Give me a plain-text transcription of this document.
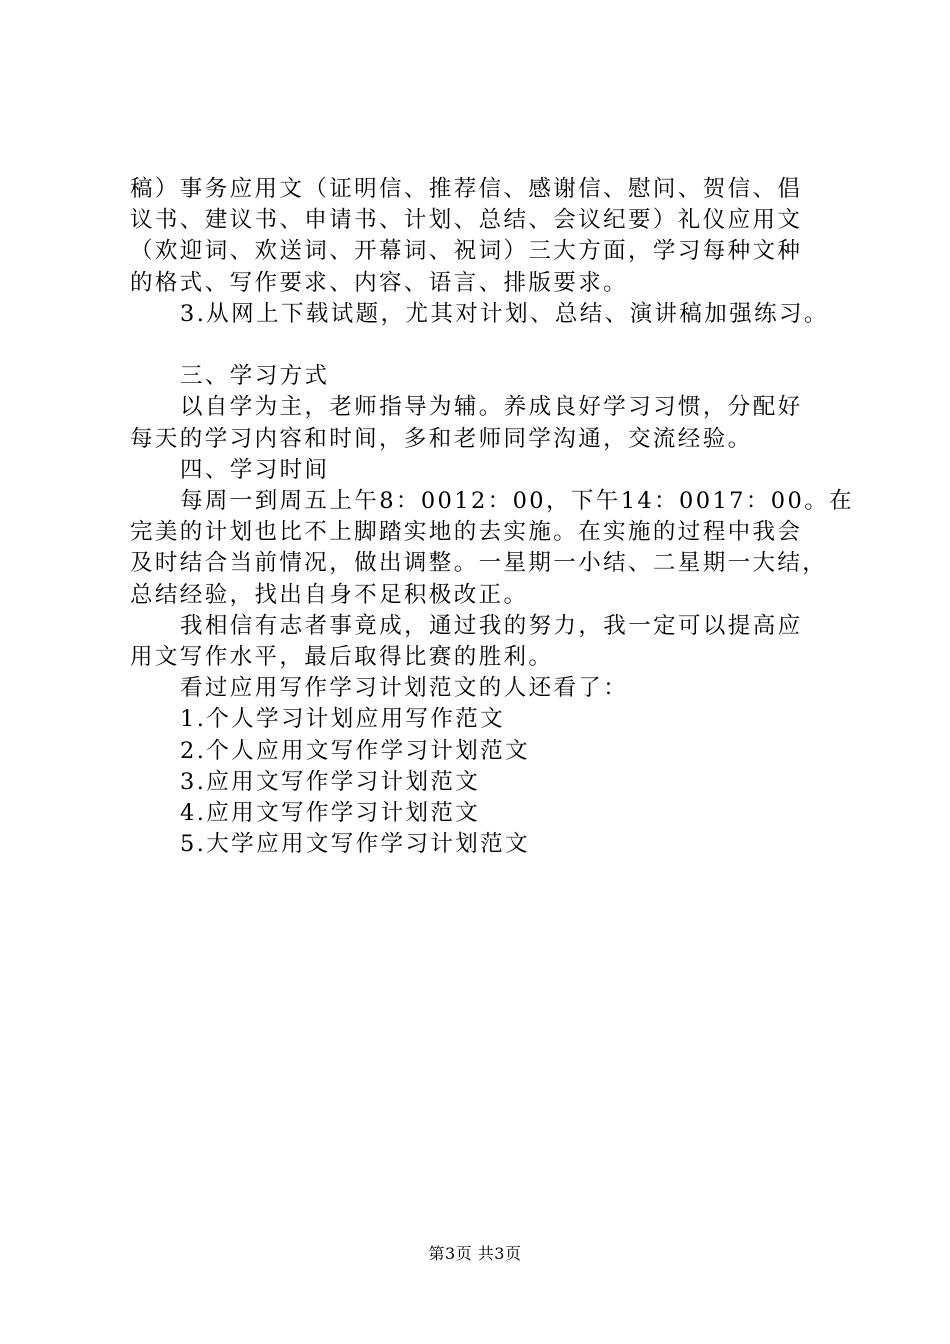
稿）事务应用文（证明信、推荐信、感谢信、慰问、贺信、倡

议书、建议书、申请书、计划、总结、会议纪要）礼仪应用文

（欢迎词、欢送词、开幕词、祝词）三大方面，学习每种文种

的格式、写作要求、内容、语言、排版要求。

3.从网上下载试题，尤其对计划、总结、演讲稿加强练习。

三、学习方式

以自学为主，老师指导为辅。养成良好学习习惯，分配好

每天的学习内容和时间，多和老师同学沟通，交流经验。

四、学习时间

每周一到周五上午8：0012：00，下午14：0017：00。在

完美的计划也比不上脚踏实地的去实施。在实施的过程中我会

及时结合当前情况，做出调整。一星期一小结、二星期一大结，

总结经验，找出自身不足积极改正。

我相信有志者事竟成，通过我的努力，我一定可以提高应

用文写作水平，最后取得比赛的胜利。

看过应用写作学习计划范文的人还看了：

1.个人学习计划应用写作范文

2.个人应用文写作学习计划范文

3.应用文写作学习计划范文

4.应用文写作学习计划范文

5.大学应用文写作学习计划范文

第3页 共3页
